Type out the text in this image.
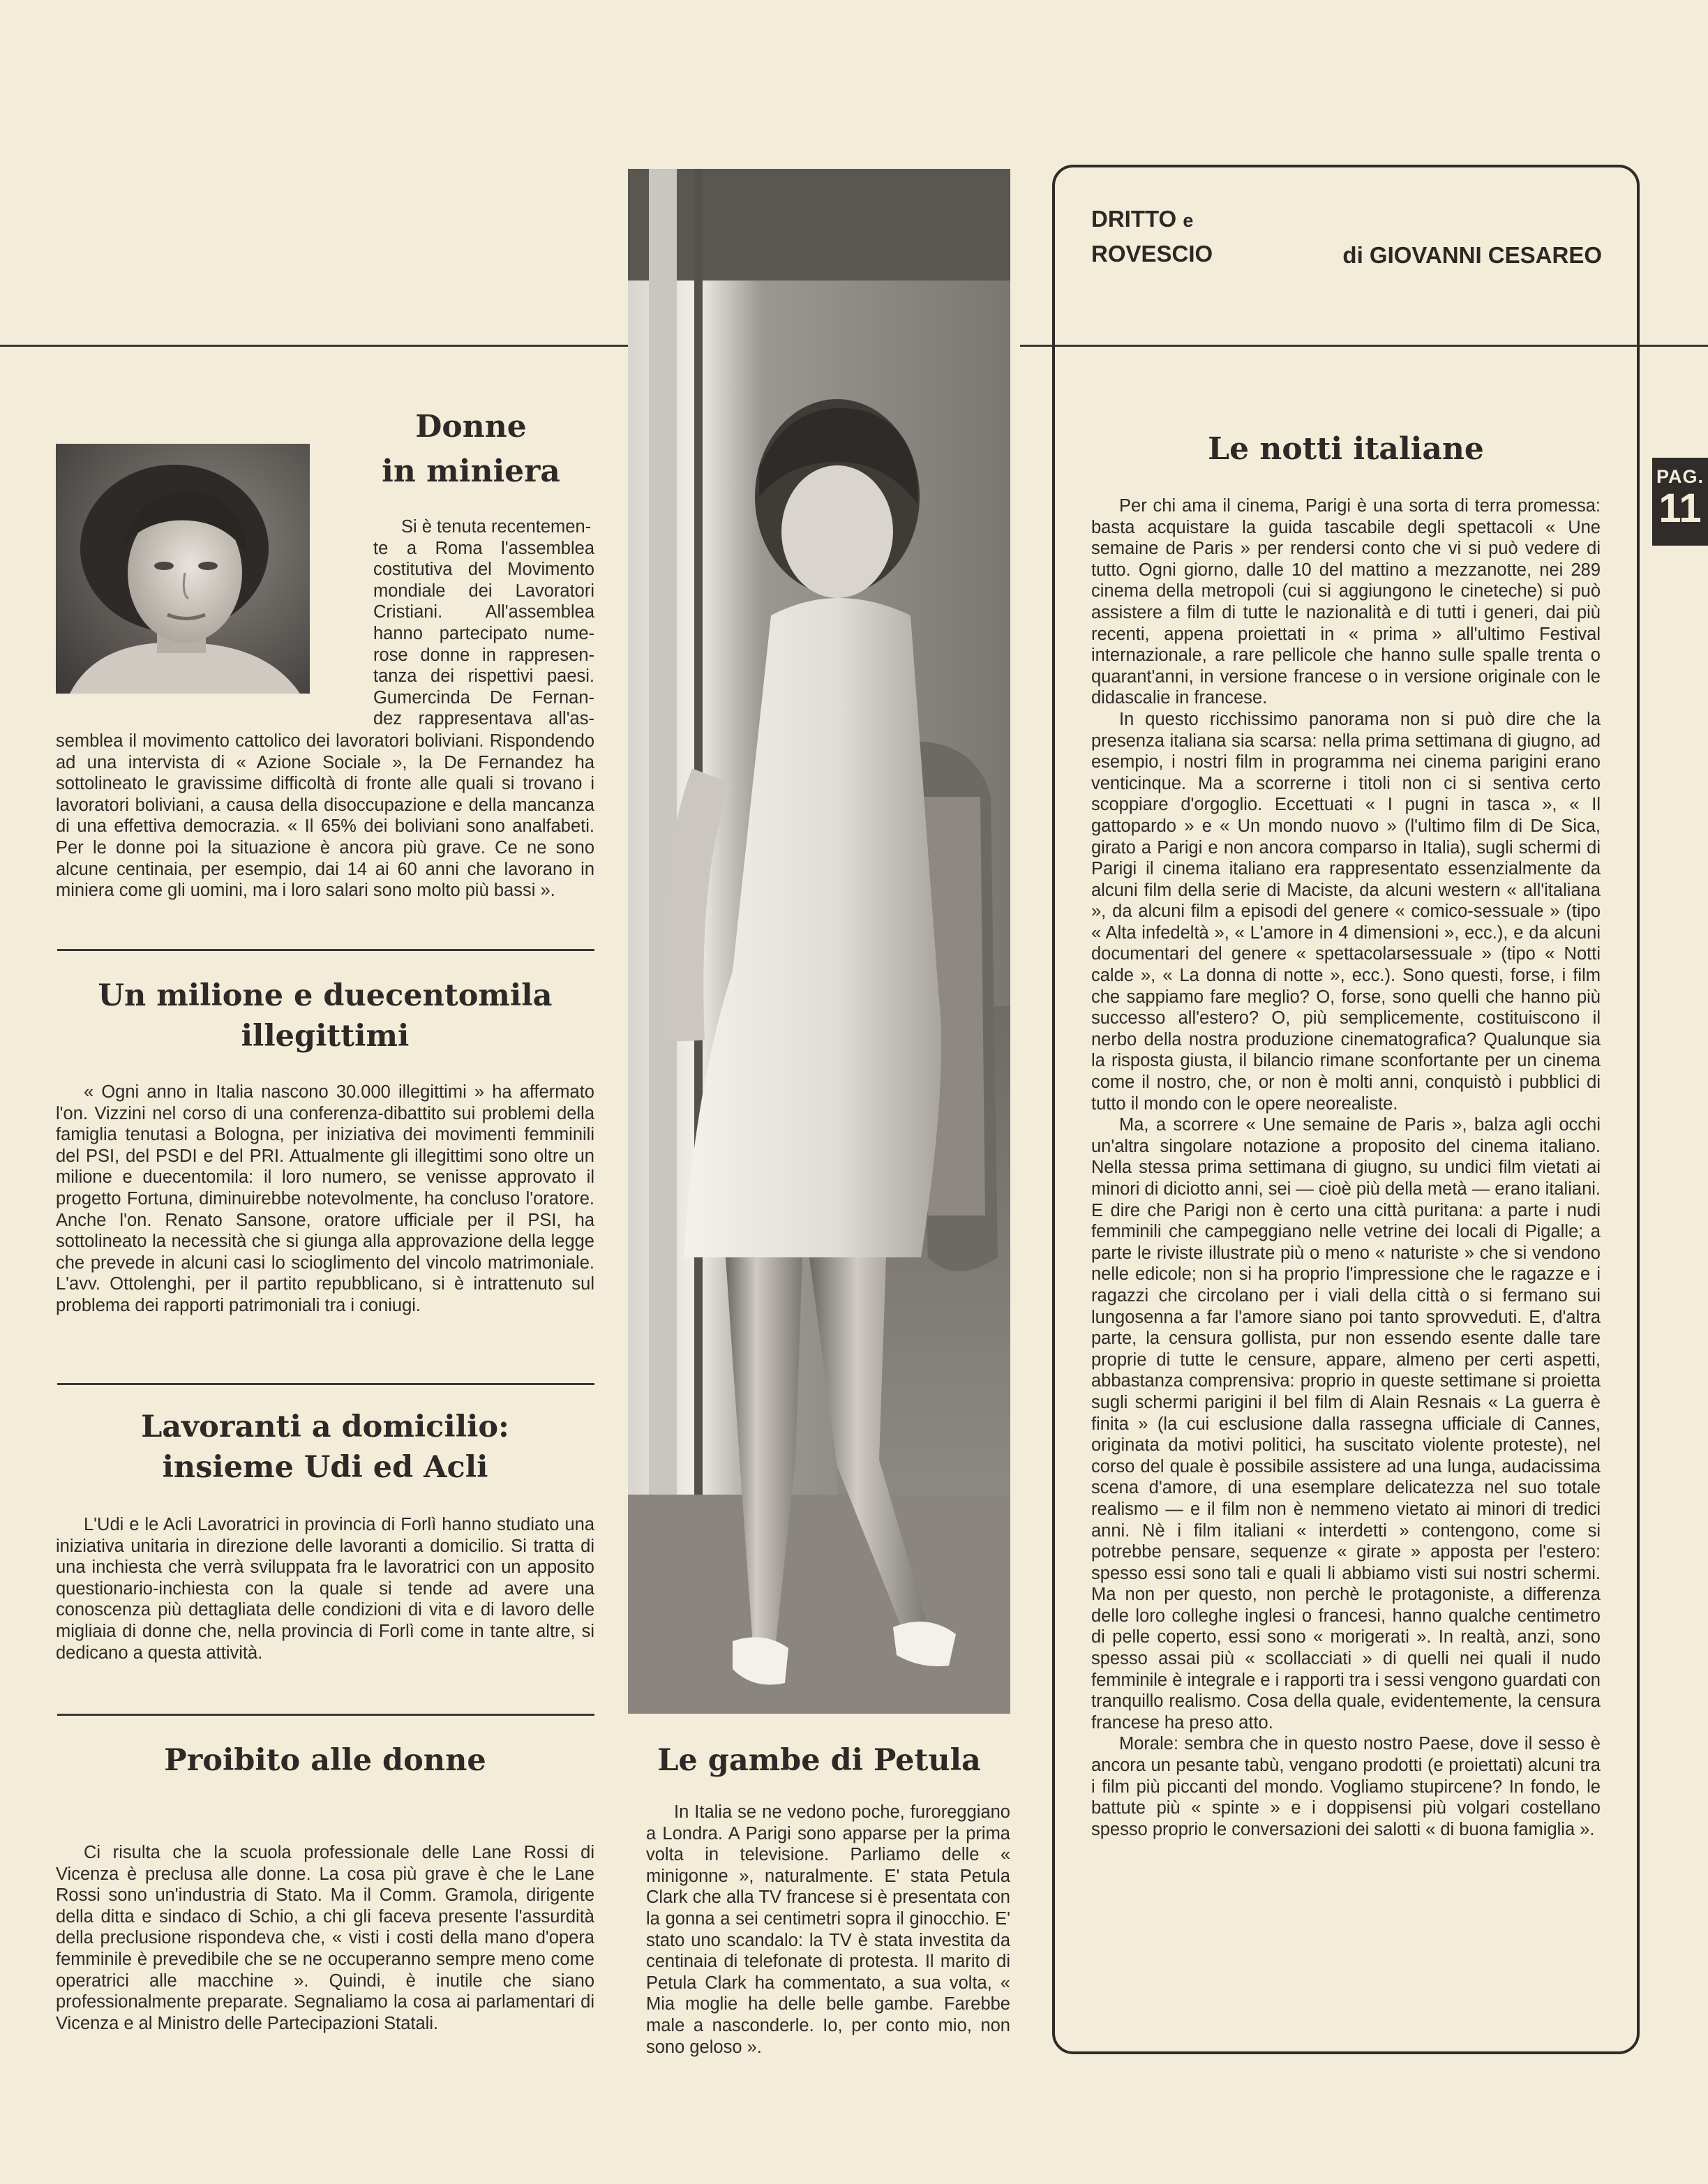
PAG.
11
Donne
in miniera
Si è tenuta recentemen-
te a Roma l'assemblea
costitutiva del Movimento
mondiale dei Lavoratori
Cristiani. All'assemblea
hanno partecipato nume-
rose donne in rappresen-
tanza dei rispettivi paesi.
Gumercinda De Fernan-
dez rappresentava all'as-
semblea il movimento cattolico dei lavoratori boliviani. Rispondendo ad una intervista di « Azione Sociale », la De Fernandez ha sottolineato le gravissime difficoltà di fronte alle quali si trovano i lavoratori boliviani, a causa della disoccupazione e della mancanza di una effettiva democrazia. « Il 65% dei boliviani sono analfabeti. Per le donne poi la situazione è ancora più grave. Ce ne sono alcune centinaia, per esempio, dai 14 ai 60 anni che lavorano in miniera come gli uomini, ma i loro salari sono molto più bassi ».
Un milione e duecentomila
illegittimi

« Ogni anno in Italia nascono 30.000 illegittimi » ha affermato l'on. Vizzini nel corso di una conferenza-dibattito sui problemi della famiglia tenutasi a Bologna, per iniziativa dei movimenti femminili del PSI, del PSDI e del PRI. Attualmente gli illegittimi sono oltre un milione e duecentomila: il loro numero, se venisse approvato il progetto Fortuna, diminuirebbe notevolmente, ha concluso l'oratore. Anche l'on. Renato Sansone, oratore ufficiale per il PSI, ha sottolineato la necessità che si giunga alla approvazione della legge che prevede in alcuni casi lo scioglimento del vincolo matrimoniale. L'avv. Ottolenghi, per il partito repubblicano, si è intrattenuto sul problema dei rapporti patrimoniali tra i coniugi.

Lavoranti a domicilio:
insieme Udi ed Acli

L'Udi e le Acli Lavoratrici in provincia di Forlì hanno studiato una iniziativa unitaria in direzione delle lavoranti a domicilio. Si tratta di una inchiesta che verrà sviluppata fra le lavoratrici con un apposito questionario-inchiesta con la quale si tende ad avere una conoscenza più dettagliata delle condizioni di vita e di lavoro delle migliaia di donne che, nella provincia di Forlì come in tante altre, si dedicano a questa attività.

Proibito alle donne

Ci risulta che la scuola professionale delle Lane Rossi di Vicenza è preclusa alle donne. La cosa più grave è che le Lane Rossi sono un'industria di Stato. Ma il Comm. Gramola, dirigente della ditta e sindaco di Schio, a chi gli faceva presente l'assurdità della preclusione rispondeva che, « visti i costi della mano d'opera femminile è prevedibile che se ne occuperanno sempre meno come operatrici alle macchine ». Quindi, è inutile che siano professionalmente preparate. Segnaliamo la cosa ai parlamentari di Vicenza e al Ministro delle Partecipazioni Statali.

Le gambe di Petula

In Italia se ne vedono poche, furoreggiano a Londra. A Parigi sono apparse per la prima volta in televisione. Parliamo delle « minigonne », naturalmente. E' stata Petula Clark che alla TV francese si è presentata con la gonna a sei centimetri sopra il ginocchio. E' stato uno scandalo: la TV è stata investita da centinaia di telefonate di protesta. Il marito di Petula Clark ha commentato, a sua volta, « Mia moglie ha delle belle gambe. Farebbe male a nasconderle. Io, per conto mio, non sono geloso ».

DRITTO e
ROVESCIO	di GIOVANNI CESAREO
Le notti italiane

Per chi ama il cinema, Parigi è una sorta di terra promessa: basta acquistare la guida tascabile degli spettacoli « Une semaine de Paris » per rendersi conto che vi si può vedere di tutto. Ogni giorno, dalle 10 del mattino a mezzanotte, nei 289 cinema della metropoli (cui si aggiungono le cineteche) si può assistere a film di tutte le nazionalità e di tutti i generi, dai più recenti, appena proiettati in « prima » all'ultimo Festival internazionale, a rare pellicole che hanno sulle spalle trenta o quarant'anni, in versione francese o in versione originale con le didascalie in francese.

In questo ricchissimo panorama non si può dire che la presenza italiana sia scarsa: nella prima settimana di giugno, ad esempio, i nostri film in programma nei cinema parigini erano venticinque. Ma a scorrerne i titoli non ci si sentiva certo scoppiare d'orgoglio. Eccettuati « I pugni in tasca », « Il gattopardo » e « Un mondo nuovo » (l'ultimo film di De Sica, girato a Parigi e non ancora comparso in Italia), sugli schermi di Parigi il cinema italiano era rappresentato essenzialmente da alcuni film della serie di Maciste, da alcuni western « all'italiana », da alcuni film a episodi del genere « comico-sessuale » (tipo « Alta infedeltà », « L'amore in 4 dimensioni », ecc.), e da alcuni documentari del genere « spettacolarsessuale » (tipo « Notti calde », « La donna di notte », ecc.). Sono questi, forse, i film che sappiamo fare meglio? O, forse, sono quelli che hanno più successo all'estero? O, più semplicemente, costituiscono il nerbo della nostra produzione cinematografica? Qualunque sia la risposta giusta, il bilancio rimane sconfortante per un cinema come il nostro, che, or non è molti anni, conquistò i pubblici di tutto il mondo con le opere neorealiste.

Ma, a scorrere « Une semaine de Paris », balza agli occhi un'altra singolare notazione a proposito del cinema italiano. Nella stessa prima settimana di giugno, su undici film vietati ai minori di diciotto anni, sei — cioè più della metà — erano italiani. E dire che Parigi non è certo una città puritana: a parte i nudi femminili che campeggiano nelle vetrine dei locali di Pigalle; a parte le riviste illustrate più o meno « naturiste » che si vendono nelle edicole; non si ha proprio l'impressione che le ragazze e i ragazzi che circolano per i viali della città o si fermano sui lungosenna a far l'amore siano poi tanto sprovveduti. E, d'altra parte, la censura gollista, pur non essendo esente dalle tare proprie di tutte le censure, appare, almeno per certi aspetti, abbastanza comprensiva: proprio in queste settimane si proietta sugli schermi parigini il bel film di Alain Resnais « La guerra è finita » (la cui esclusione dalla rassegna ufficiale di Cannes, originata da motivi politici, ha suscitato violente proteste), nel corso del quale è possibile assistere ad una lunga, audacissima scena d'amore, di una esemplare delicatezza nel suo totale realismo — e il film non è nemmeno vietato ai minori di tredici anni. Nè i film italiani « interdetti » contengono, come si potrebbe pensare, sequenze « girate » apposta per l'estero: spesso essi sono tali e quali li abbiamo visti sui nostri schermi. Ma non per questo, non perchè le protagoniste, a differenza delle loro colleghe inglesi o francesi, hanno qualche centimetro di pelle coperto, essi sono « morigerati ». In realtà, anzi, sono spesso assai più « scollacciati » di quelli nei quali il nudo femminile è integrale e i rapporti tra i sessi vengono guardati con tranquillo realismo. Cosa della quale, evidentemente, la censura francese ha preso atto.

Morale: sembra che in questo nostro Paese, dove il sesso è ancora un pesante tabù, vengano prodotti (e proiettati) alcuni tra i film più piccanti del mondo. Vogliamo stupircene? In fondo, le battute più « spinte » e i doppisensi più volgari costellano spesso proprio le conversazioni dei salotti « di buona famiglia ».
